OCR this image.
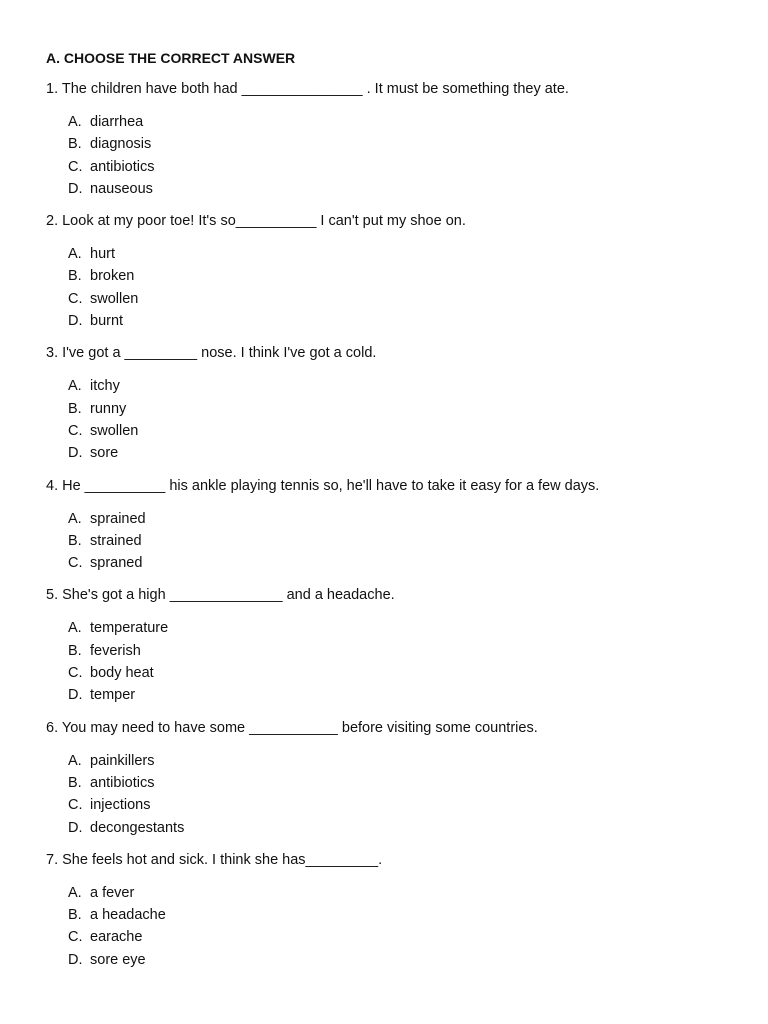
A. CHOOSE THE CORRECT ANSWER
1. The children have both had _______________ . It must be something they ate.
A. diarrhea
B. diagnosis
C. antibiotics
D. nauseous
2. Look at my poor toe! It's so__________ I can't put my shoe on.
A. hurt
B. broken
C. swollen
D. burnt
3. I've got a _________ nose. I think I've got a cold.
A. itchy
B. runny
C. swollen
D. sore
4. He __________ his ankle playing tennis so, he'll have to take it easy for a few days.
A. sprained
B. strained
C. spraned
5. She's got a high ______________ and a headache.
A. temperature
B. feverish
C. body heat
D. temper
6. You may need to have some ___________ before visiting some countries.
A. painkillers
B. antibiotics
C. injections
D. decongestants
7. She feels hot and sick. I think she has_________.
A. a fever
B. a headache
C. earache
D. sore eye
